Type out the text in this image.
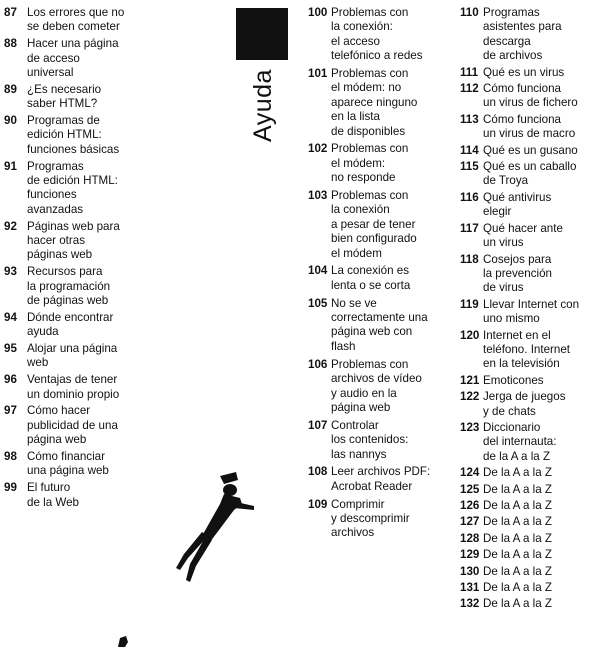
87 Los errores que no
se deben cometer
88 Hacer una página
de acceso
universal
89 ¿Es necesario
saber HTML?
90 Programas de
edición HTML:
funciones básicas
91 Programas
de edición HTML:
funciones
avanzadas
92 Páginas web para
hacer otras
páginas web
93 Recursos para
la programación
de páginas web
94 Dónde encontrar
ayuda
95 Alojar una página
web
96 Ventajas de tener
un dominio propio
97 Cómo hacer
publicidad de una
página web
98 Cómo financiar
una página web
99 El futuro
de la Web
Ayuda
100 Problemas con
la conexión:
el acceso
telefónico a redes
101 Problemas con
el módem: no
aparece ninguno
en la lista
de disponibles
102 Problemas con
el módem:
no responde
103 Problemas con
la conexión
a pesar de tener
bien configurado
el módem
104 La conexión es
lenta o se corta
105 No se ve
correctamente una
página web con
flash
106 Problemas con
archivos de vídeo
y audio en la
página web
107 Controlar
los contenidos:
las nannys
108 Leer archivos PDF:
Acrobat Reader
109 Comprimir
y descomprimir
archivos
110 Programas
asistentes para
descarga
de archivos
111 Qué es un virus
112 Cómo funciona
un virus de fichero
113 Cómo funciona
un virus de macro
114 Qué es un gusano
115 Qué es un caballo
de Troya
116 Qué antivirus
elegir
117 Qué hacer ante
un virus
118 Cosejos para
la prevención
de virus
119 Llevar Internet con
uno mismo
120 Internet en el
teléfono. Internet
en la televisión
121 Emoticones
122 Jerga de juegos
y de chats
123 Diccionario
del internauta:
de la A a la Z
124 De la A a la Z
125 De la A a la Z
126 De la A a la Z
127 De la A a la Z
128 De la A a la Z
129 De la A a la Z
130 De la A a la Z
131 De la A a la Z
132 De la A a la Z
